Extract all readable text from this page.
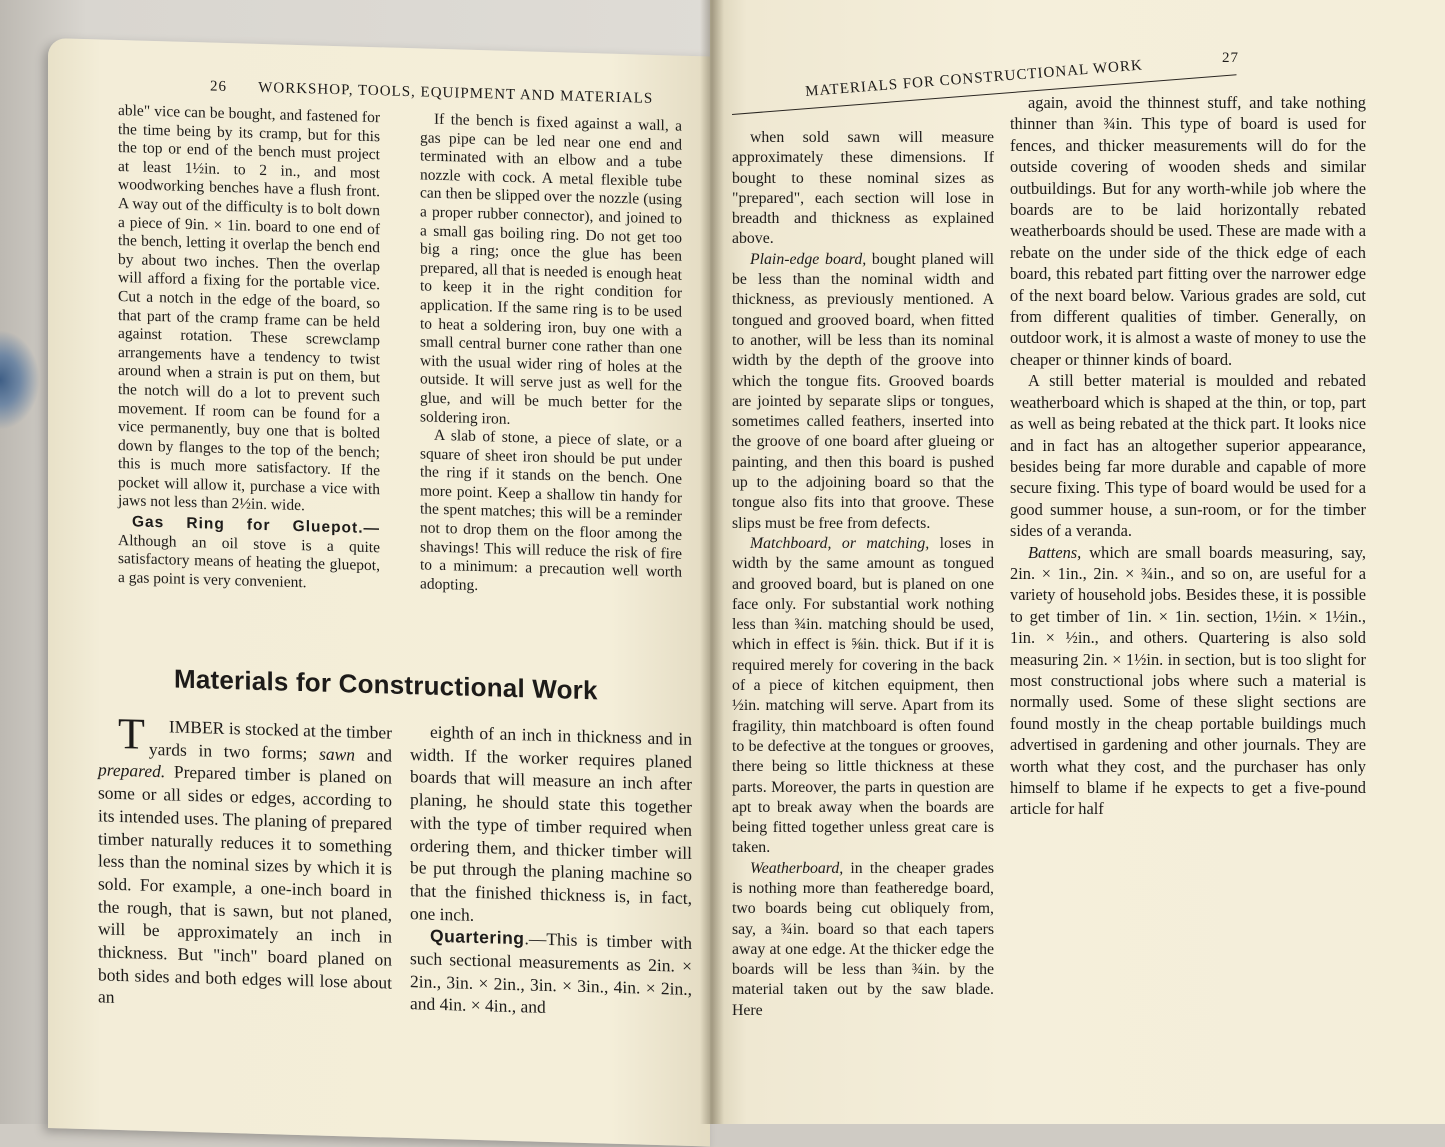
26 WORKSHOP, TOOLS, EQUIPMENT AND MATERIALS

able" vice can be bought, and fastened for the time being by its cramp, but for this the top or end of the bench must project at least 1½in. to 2 in., and most woodworking benches have a flush front. A way out of the difficulty is to bolt down a piece of 9in. × 1in. board to one end of the bench, letting it overlap the bench end by about two inches. Then the overlap will afford a fixing for the portable vice. Cut a notch in the edge of the board, so that part of the cramp frame can be held against rotation. These screwclamp arrangements have a tendency to twist around when a strain is put on them, but the notch will do a lot to prevent such movement. If room can be found for a vice permanently, buy one that is bolted down by flanges to the top of the bench; this is much more satisfactory. If the pocket will allow it, purchase a vice with jaws not less than 2½in. wide.

Gas Ring for Gluepot.— Although an oil stove is a quite satisfactory means of heating the gluepot, a gas point is very convenient.

If the bench is fixed against a wall, a gas pipe can be led near one end and terminated with an elbow and a tube nozzle with cock. A metal flexible tube can then be slipped over the nozzle (using a proper rubber connector), and joined to a small gas boiling ring. Do not get too big a ring; once the glue has been prepared, all that is needed is enough heat to keep it in the right condition for application. If the same ring is to be used to heat a soldering iron, buy one with a small central burner cone rather than one with the usual wider ring of holes at the outside. It will serve just as well for the glue, and will be much better for the soldering iron.

A slab of stone, a piece of slate, or a square of sheet iron should be put under the ring if it stands on the bench. One more point. Keep a shallow tin handy for the spent matches; this will be a reminder not to drop them on the floor among the shavings! This will reduce the risk of fire to a minimum: a precaution well worth adopting.

Materials for Constructional Work

T IMBER is stocked at the timber yards in two forms; sawn and prepared. Prepared timber is planed on some or all sides or edges, according to its intended uses. The planing of prepared timber naturally reduces it to something less than the nominal sizes by which it is sold. For example, a one-inch board in the rough, that is sawn, but not planed, will be approximately an inch in thickness. But "inch" board planed on both sides and both edges will lose about an

eighth of an inch in thickness and in width. If the worker requires planed boards that will measure an inch after planing, he should state this together with the type of timber required when ordering them, and thicker timber will be put through the planing machine so that the finished thickness is, in fact, one inch.

Quartering.—This is timber with such sectional measurements as 2in. × 2in., 3in. × 2in., 3in. × 3in., 4in. × 2in., and 4in. × 4in., and

MATERIALS FOR CONSTRUCTIONAL WORK	27

when sold sawn will measure approximately these dimensions. If bought to these nominal sizes as "prepared", each section will lose in breadth and thickness as explained above.

Plain-edge board, bought planed will be less than the nominal width and thickness, as previously mentioned. A tongued and grooved board, when fitted to another, will be less than its nominal width by the depth of the groove into which the tongue fits. Grooved boards are jointed by separate slips or tongues, sometimes called feathers, inserted into the groove of one board after glueing or painting, and then this board is pushed up to the adjoining board so that the tongue also fits into that groove. These slips must be free from defects.

Matchboard, or matching, loses in width by the same amount as tongued and grooved board, but is planed on one face only. For substantial work nothing less than ¾in. matching should be used, which in effect is ⅝in. thick. But if it is required merely for covering in the back of a piece of kitchen equipment, then ½in. matching will serve. Apart from its fragility, thin matchboard is often found to be defective at the tongues or grooves, there being so little thickness at these parts. Moreover, the parts in question are apt to break away when the boards are being fitted together unless great care is taken.

Weatherboard, in the cheaper grades is nothing more than featheredge board, two boards being cut obliquely from, say, a ¾in. board so that each tapers away at one edge. At the thicker edge the boards will be less than ¾in. by the material taken out by the saw blade. Here

again, avoid the thinnest stuff, and take nothing thinner than ¾in. This type of board is used for fences, and thicker measurements will do for the outside covering of wooden sheds and similar outbuildings. But for any worth-while job where the boards are to be laid horizontally rebated weatherboards should be used. These are made with a rebate on the under side of the thick edge of each board, this rebated part fitting over the narrower edge of the next board below. Various grades are sold, cut from different qualities of timber. Generally, on outdoor work, it is almost a waste of money to use the cheaper or thinner kinds of board.

A still better material is moulded and rebated weatherboard which is shaped at the thin, or top, part as well as being rebated at the thick part. It looks nice and in fact has an altogether superior appearance, besides being far more durable and capable of more secure fixing. This type of board would be used for a good summer house, a sun-room, or for the timber sides of a veranda.

Battens, which are small boards measuring, say, 2in. × 1in., 2in. × ¾in., and so on, are useful for a variety of household jobs. Besides these, it is possible to get timber of 1in. × 1in. section, 1½in. × 1½in., 1in. × ½in., and others. Quartering is also sold measuring 2in. × 1½in. in section, but is too slight for most constructional jobs where such a material is normally used. Some of these slight sections are found mostly in the cheap portable buildings much advertised in gardening and other journals. They are worth what they cost, and the purchaser has only himself to blame if he expects to get a five-pound article for half
